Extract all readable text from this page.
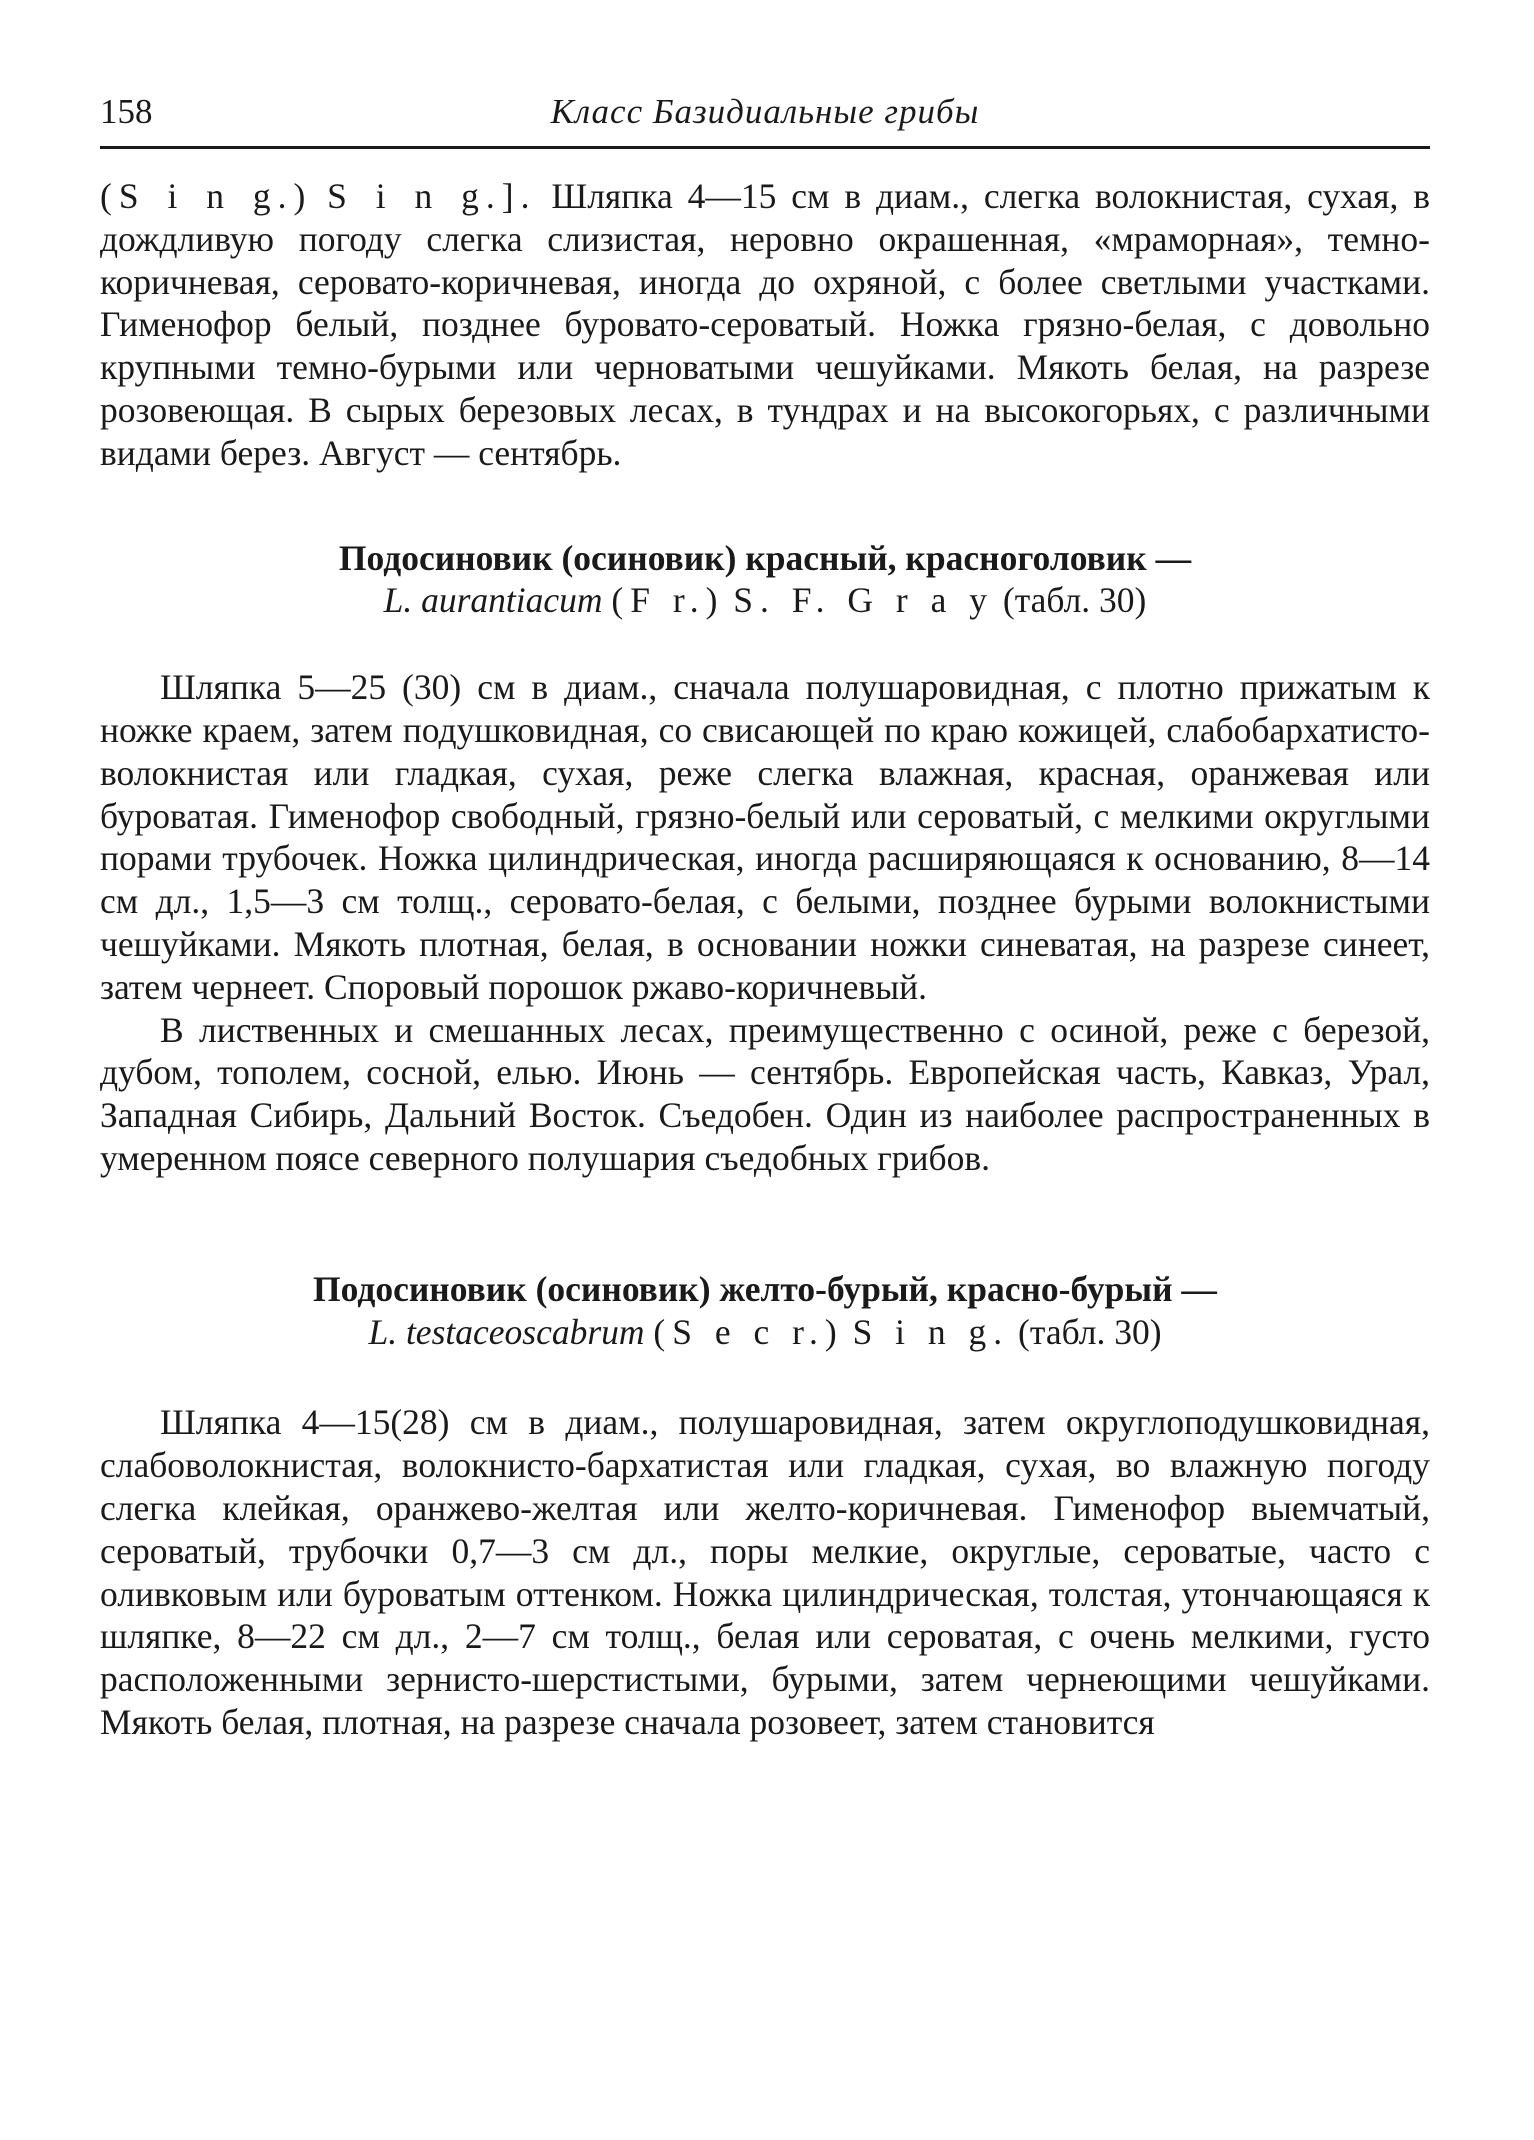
158	Класс Базидиальные грибы

(S i n g.) S i n g.]. Шляпка 4—15 см в диам., слегка волокнистая, сухая, в дождливую погоду слегка слизистая, неровно окрашенная, «мраморная», темно-коричневая, серовато-коричневая, иногда до охряной, с более светлыми участками. Гименофор белый, позднее буровато-сероватый. Ножка грязно-белая, с довольно крупными темно-бурыми или черноватыми чешуйками. Мякоть белая, на разрезе розовеющая. В сырых березовых лесах, в тундрах и на высокогорьях, с различными видами берез. Август — сентябрь.

Подосиновик (осиновик) красный, красноголовик —
L. aurantiacum (F r.) S. F. G r a y (табл. 30)

Шляпка 5—25 (30) см в диам., сначала полушаровидная, с плотно прижатым к ножке краем, затем подушковидная, со свисающей по краю кожицей, слабобархатисто-волокнистая или гладкая, сухая, реже слегка влажная, красная, оранжевая или буроватая. Гименофор свободный, грязно-белый или сероватый, с мелкими округлыми порами трубочек. Ножка цилиндрическая, иногда расширяющаяся к основанию, 8—14 см дл., 1,5—3 см толщ., серовато-белая, с белыми, позднее бурыми волокнистыми чешуйками. Мякоть плотная, белая, в основании ножки синеватая, на разрезе синеет, затем чернеет. Споровый порошок ржаво-коричневый.

В лиственных и смешанных лесах, преимущественно с осиной, реже с березой, дубом, тополем, сосной, елью. Июнь — сентябрь. Европейская часть, Кавказ, Урал, Западная Сибирь, Дальний Восток. Съедобен. Один из наиболее распространенных в умеренном поясе северного полушария съедобных грибов.

Подосиновик (осиновик) желто-бурый, красно-бурый —
L. testaceoscabrum (S e c r.) S i n g. (табл. 30)

Шляпка 4—15(28) см в диам., полушаровидная, затем округлоподушковидная, слабоволокнистая, волокнисто-бархатистая или гладкая, сухая, во влажную погоду слегка клейкая, оранжево-желтая или желто-коричневая. Гименофор выемчатый, сероватый, трубочки 0,7—3 см дл., поры мелкие, округлые, сероватые, часто с оливковым или буроватым оттенком. Ножка цилиндрическая, толстая, утончающаяся к шляпке, 8—22 см дл., 2—7 см толщ., белая или сероватая, с очень мелкими, густо расположенными зернисто-шерстистыми, бурыми, затем чернеющими чешуйками. Мякоть белая, плотная, на разрезе сначала розовеет, затем становится
